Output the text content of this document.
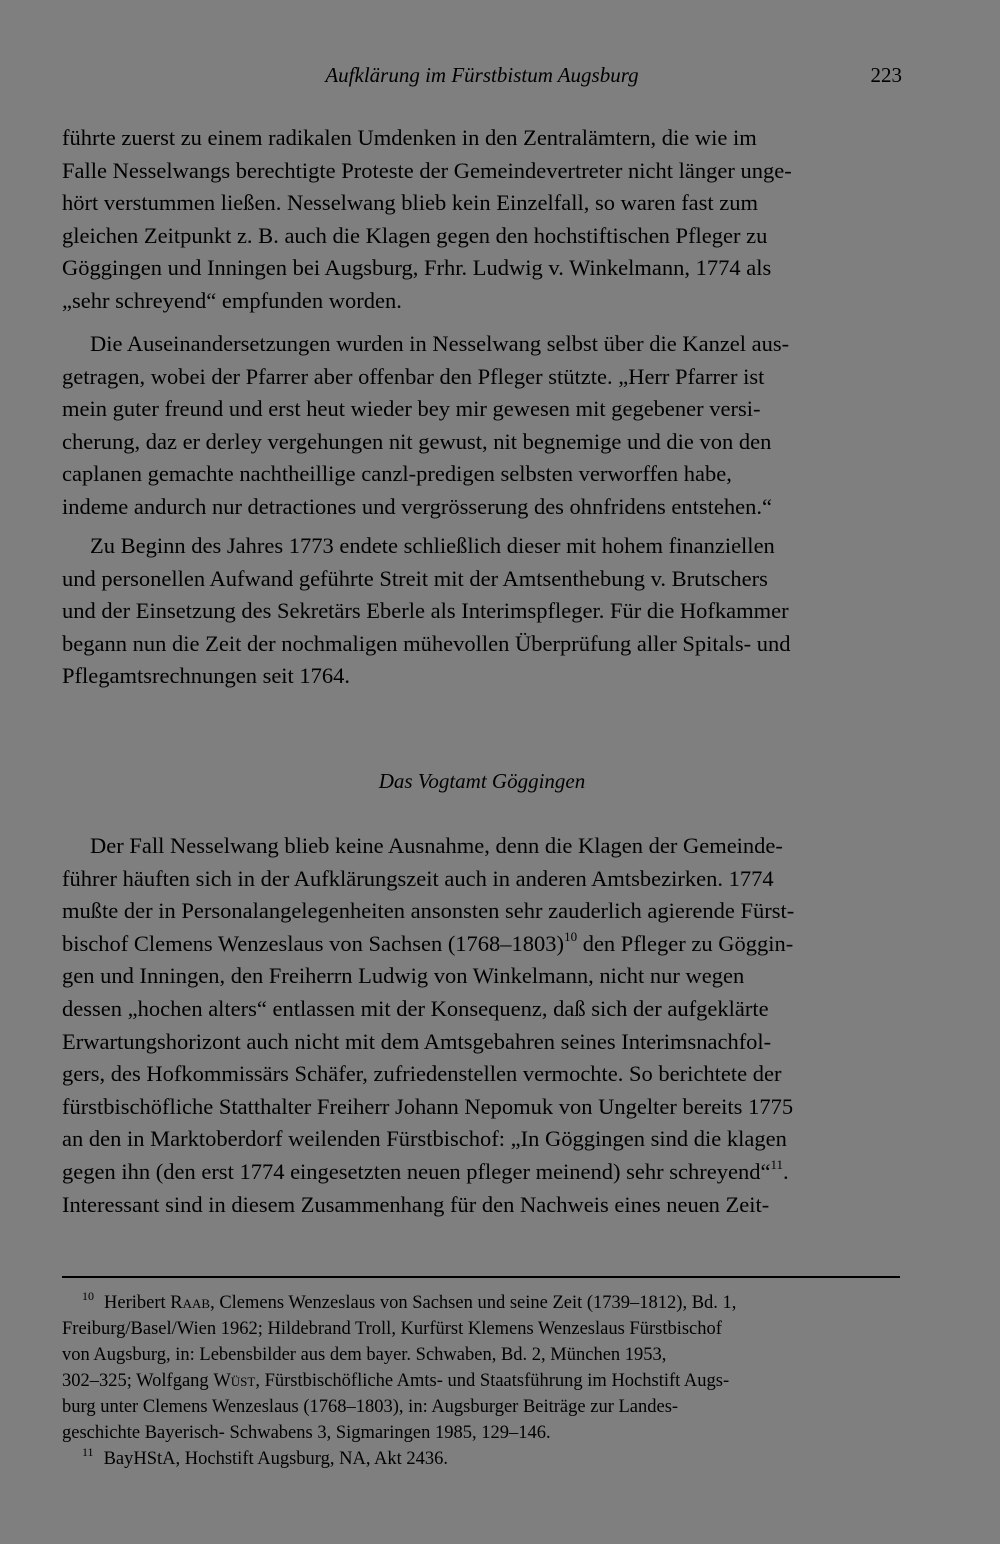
Aufklärung im Fürstbistum Augsburg	223
führte zuerst zu einem radikalen Umdenken in den Zentralämtern, die wie im
Falle Nesselwangs berechtigte Proteste der Gemeindevertreter nicht länger unge-
hört verstummen ließen. Nesselwang blieb kein Einzelfall, so waren fast zum
gleichen Zeitpunkt z. B. auch die Klagen gegen den hochstiftischen Pfleger zu
Göggingen und Inningen bei Augsburg, Frhr. Ludwig v. Winkelmann, 1774 als
„sehr schreyend“ empfunden worden.
Die Auseinandersetzungen wurden in Nesselwang selbst über die Kanzel aus-
getragen, wobei der Pfarrer aber offenbar den Pfleger stützte. „Herr Pfarrer ist
mein guter freund und erst heut wieder bey mir gewesen mit gegebener versi-
cherung, daz er derley vergehungen nit gewust, nit begnemige und die von den
caplanen gemachte nachtheillige canzl-predigen selbsten verworffen habe,
indeme andurch nur detractiones und vergrösserung des ohnfridens entstehen.“
Zu Beginn des Jahres 1773 endete schließlich dieser mit hohem finanziellen
und personellen Aufwand geführte Streit mit der Amtsenthebung v. Brutschers
und der Einsetzung des Sekretärs Eberle als Interimspfleger. Für die Hofkammer
begann nun die Zeit der nochmaligen mühevollen Überprüfung aller Spitals- und
Pflegamtsrechnungen seit 1764.
Das Vogtamt Göggingen
Der Fall Nesselwang blieb keine Ausnahme, denn die Klagen der Gemeinde-
führer häuften sich in der Aufklärungszeit auch in anderen Amtsbezirken. 1774
mußte der in Personalangelegenheiten ansonsten sehr zauderlich agierende Fürst-
bischof Clemens Wenzeslaus von Sachsen (1768–1803)$^{10}$ den Pfleger zu Göggin-
gen und Inningen, den Freiherrn Ludwig von Winkelmann, nicht nur wegen
dessen „hochen alters“ entlassen mit der Konsequenz, daß sich der aufgeklärte
Erwartungshorizont auch nicht mit dem Amtsgebahren seines Interimsnachfol-
gers, des Hofkommissärs Schäfer, zufriedenstellen vermochte. So berichtete der
fürstbischöfliche Statthalter Freiherr Johann Nepomuk von Ungelter bereits 1775
an den in Marktoberdorf weilenden Fürstbischof: „In Göggingen sind die klagen
gegen ihn (den erst 1774 eingesetzten neuen pfleger meinend) sehr schreyend“$^{11}$.
Interessant sind in diesem Zusammenhang für den Nachweis eines neuen Zeit-
$^{10}$ Heribert Raab, Clemens Wenzeslaus von Sachsen und seine Zeit (1739–1812), Bd. 1,
Freiburg/Basel/Wien 1962; Hildebrand Troll, Kurfürst Klemens Wenzeslaus Fürstbischof
von Augsburg, in: Lebensbilder aus dem bayer. Schwaben, Bd. 2, München 1953,
302–325; Wolfgang Wüst, Fürstbischöfliche Amts- und Staatsführung im Hochstift Augs-
burg unter Clemens Wenzeslaus (1768–1803), in: Augsburger Beiträge zur Landes-
geschichte Bayerisch- Schwabens 3, Sigmaringen 1985, 129–146.
$^{11}$ BayHStA, Hochstift Augsburg, NA, Akt 2436.
